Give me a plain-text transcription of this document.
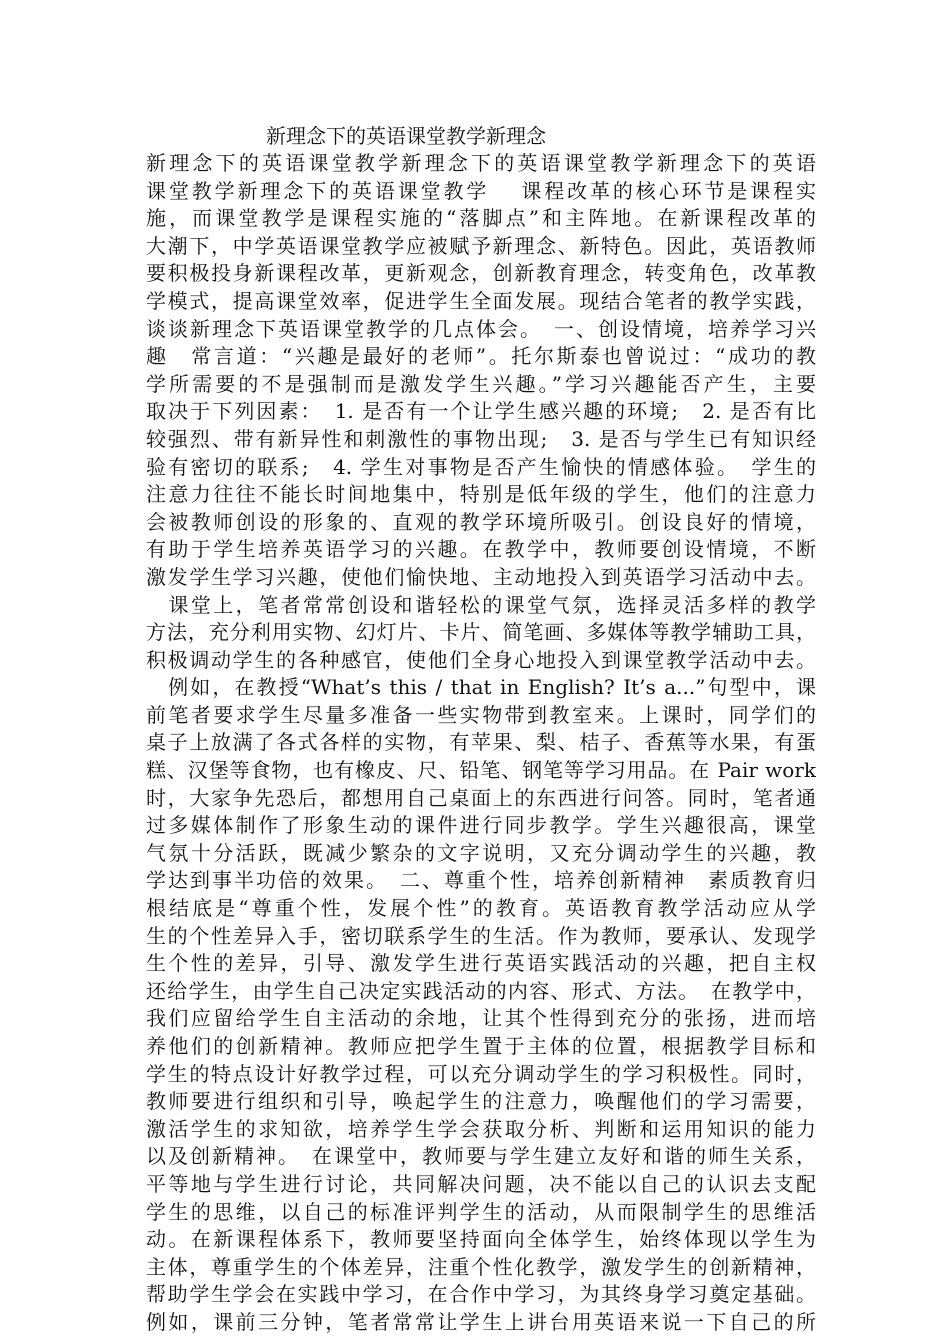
新理念下的英语课堂教学新理念

新理念下的英语课堂教学新理念下的英语课堂教学新理念下的英语

课堂教学新理念下的英语课堂教学　 课程改革的核心环节是课程实

施，而课堂教学是课程实施的“落脚点”和主阵地。在新课程改革的

大潮下，中学英语课堂教学应被赋予新理念、新特色。因此，英语教师

要积极投身新课程改革，更新观念，创新教育理念，转变角色，改革教

学模式，提高课堂效率，促进学生全面发展。现结合笔者的教学实践，

谈谈新理念下英语课堂教学的几点体会。　一、创设情境，培养学习兴

趣　常言道：“兴趣是最好的老师”。托尔斯泰也曾说过：“成功的教

学所需要的不是强制而是激发学生兴趣。”学习兴趣能否产生，主要

取决于下列因素：　1. 是否有一个让学生感兴趣的环境;　2. 是否有比

较强烈、带有新异性和刺激性的事物出现;　3. 是否与学生已有知识经

验有密切的联系;　4. 学生对事物是否产生愉快的情感体验。　学生的

注意力往往不能长时间地集中，特别是低年级的学生，他们的注意力

会被教师创设的形象的、直观的教学环境所吸引。创设良好的情境，

有助于学生培养英语学习的兴趣。在教学中，教师要创设情境，不断

激发学生学习兴趣，使他们愉快地、主动地投入到英语学习活动中去。

　课堂上，笔者常常创设和谐轻松的课堂气氛，选择灵活多样的教学

方法，充分利用实物、幻灯片、卡片、简笔画、多媒体等教学辅助工具，

积极调动学生的各种感官，使他们全身心地投入到课堂教学活动中去。

　例如，在教授“What’s this / that in English? It’s a...”句型中，课

前笔者要求学生尽量多准备一些实物带到教室来。上课时，同学们的

桌子上放满了各式各样的实物，有苹果、梨、桔子、香蕉等水果，有蛋

糕、汉堡等食物，也有橡皮、尺、铅笔、钢笔等学习用品。在 Pair work

时，大家争先恐后，都想用自己桌面上的东西进行问答。同时，笔者通

过多媒体制作了形象生动的课件进行同步教学。学生兴趣很高，课堂

气氛十分活跃，既减少繁杂的文字说明，又充分调动学生的兴趣，教

学达到事半功倍的效果。　二、尊重个性，培养创新精神　素质教育归

根结底是“尊重个性，发展个性”的教育。英语教育教学活动应从学

生的个性差异入手，密切联系学生的生活。作为教师，要承认、发现学

生个性的差异，引导、激发学生进行英语实践活动的兴趣，把自主权

还给学生，由学生自己决定实践活动的内容、形式、方法。　在教学中，

我们应留给学生自主活动的余地，让其个性得到充分的张扬，进而培

养他们的创新精神。教师应把学生置于主体的位置，根据教学目标和

学生的特点设计好教学过程，可以充分调动学生的学习积极性。同时，

教师要进行组织和引导，唤起学生的注意力，唤醒他们的学习需要，

激活学生的求知欲，培养学生学会获取分析、判断和运用知识的能力

以及创新精神。　在课堂中，教师要与学生建立友好和谐的师生关系，

平等地与学生进行讨论，共同解决问题，决不能以自己的认识去支配

学生的思维，以自己的标准评判学生的活动，从而限制学生的思维活

动。在新课程体系下，教师要坚持面向全体学生，始终体现以学生为

主体，尊重学生的个体差异，注重个性化教学，激发学生的创新精神，

帮助学生学会在实践中学习，在合作中学习，为其终身学习奠定基础。

例如，课前三分钟，笔者常常让学生上讲台用英语来说一下自己的所
